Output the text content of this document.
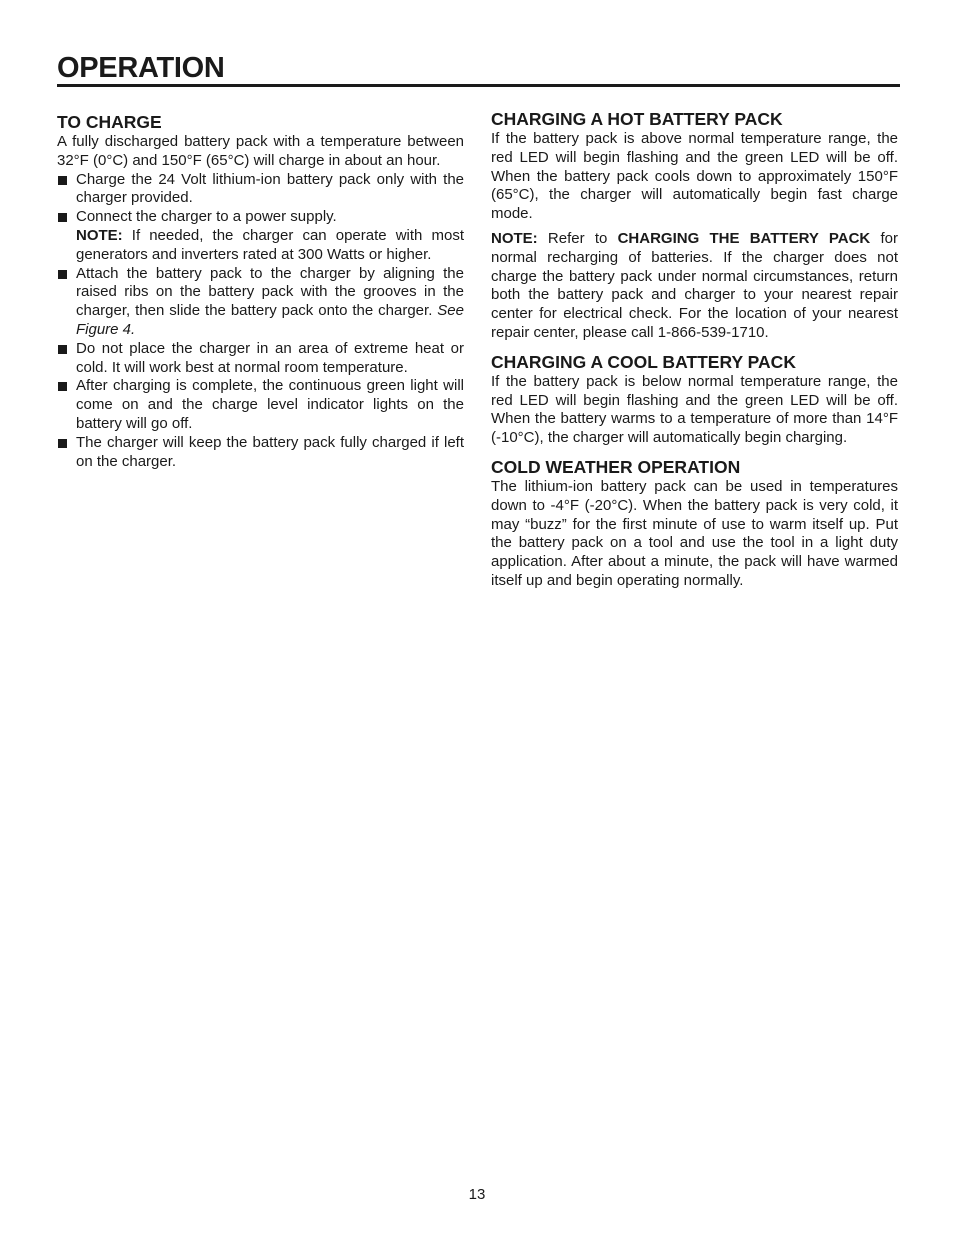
OPERATION
TO CHARGE

A fully discharged battery pack with a temperature between 32°F (0°C) and 150°F (65°C) will charge in about an hour.

Charge the 24 Volt lithium-ion battery pack only with the charger provided.
Connect the charger to a power supply.
NOTE: If needed, the charger can operate with most generators and inverters rated at 300 Watts or higher.
Attach the battery pack to the charger by aligning the raised ribs on the battery pack with the grooves in the charger, then slide the battery pack onto the charger. See Figure 4.
Do not place the charger in an area of extreme heat or cold. It will work best at normal room temperature.
After charging is complete, the continuous green light will come on and the charge level indicator lights on the battery will go off.
The charger will keep the battery pack fully charged if left on the charger.
CHARGING A HOT BATTERY PACK

If the battery pack is above normal temperature range, the red LED will begin flashing and the green LED will be off. When the battery pack cools down to approximately 150°F (65°C), the charger will automatically begin fast charge mode.

NOTE: Refer to CHARGING THE BATTERY PACK for normal recharging of batteries. If the charger does not charge the battery pack under normal circumstances, return both the battery pack and charger to your nearest repair center for electrical check. For the location of your nearest repair center, please call 1-866-539-1710.

CHARGING A COOL BATTERY PACK

If the battery pack is below normal temperature range, the red LED will begin flashing and the green LED will be off. When the battery warms to a temperature of more than 14°F (-10°C), the charger will automatically begin charging.

COLD WEATHER OPERATION

The lithium-ion battery pack can be used in temperatures down to -4°F (-20°C). When the battery pack is very cold, it may “buzz” for the first minute of use to warm itself up. Put the battery pack on a tool and use the tool in a light duty application. After about a minute, the pack will have warmed itself up and begin operating normally.

13
